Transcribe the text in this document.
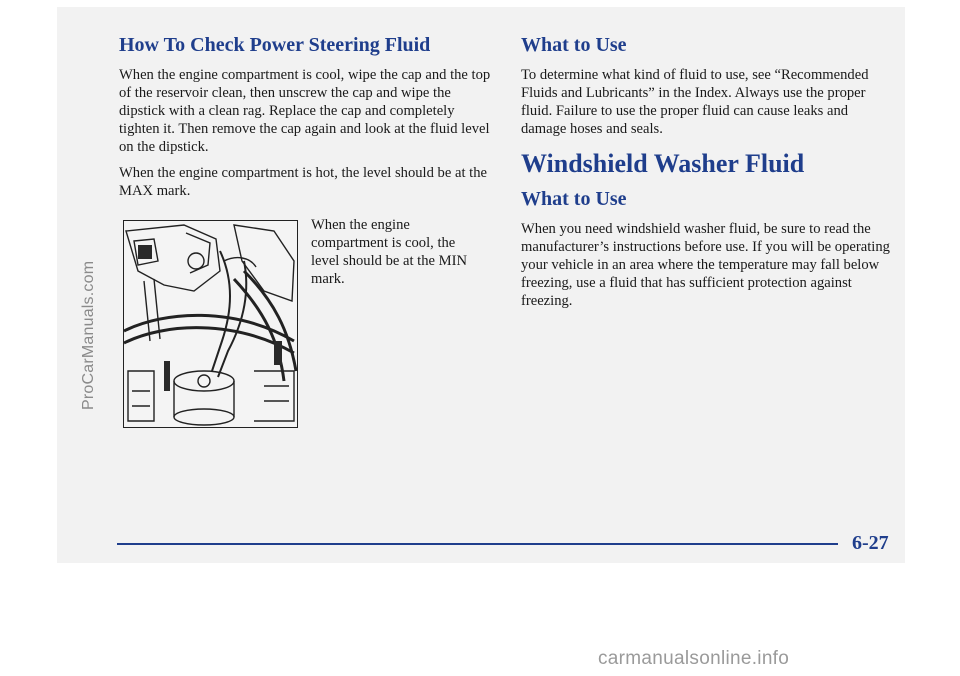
ProCarManuals.com
How To Check Power Steering Fluid

When the engine compartment is cool, wipe the cap and the top of the reservoir clean, then unscrew the cap and wipe the dipstick with a clean rag. Replace the cap and completely tighten it. Then remove the cap again and look at the fluid level on the dipstick.

When the engine compartment is hot, the level should be at the MAX mark.

When the engine compartment is cool, the level should be at the MIN mark.

What to Use

To determine what kind of fluid to use, see “Recommended Fluids and Lubricants” in the Index. Always use the proper fluid. Failure to use the proper fluid can cause leaks and damage hoses and seals.

Windshield Washer Fluid
What to Use

When you need windshield washer fluid, be sure to read the manufacturer’s instructions before use. If you will be operating your vehicle in an area where the temperature may fall below freezing, use a fluid that has sufficient protection against freezing.

6-27
carmanualsonline.info
